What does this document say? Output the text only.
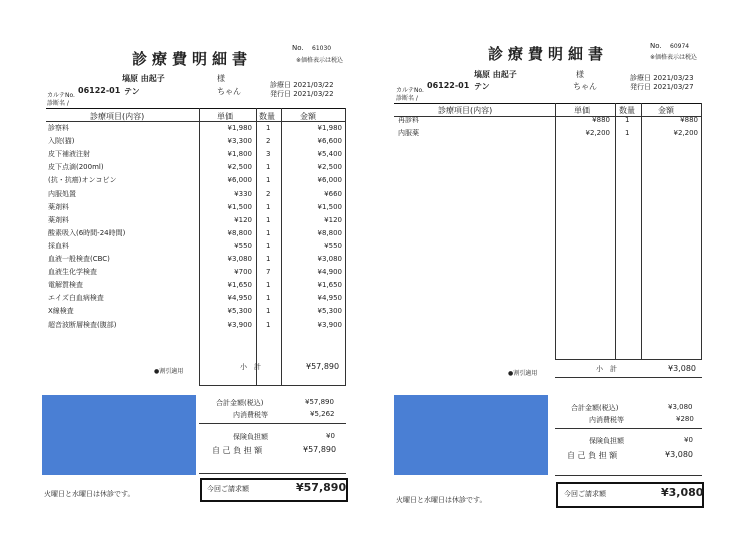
診療費明細書
No. 61030
※価格表示は税込
塙原 由起子	様
カルテNo.
06122-01 テン	ちゃん
診療日 2021/03/22
発行日 2021/03/22
診断名 /
診療項目(内容)	単価	数量	金額
診察料	¥1,980 1	¥1,980
入院(猫)	¥3,300 2	¥6,600
皮下補液注射	¥1,800 3	¥5,400
皮下点滴(200ml)	¥2,500 1	¥2,500
(抗・抗癌)オンコビン	¥6,000 1	¥6,000
内服処置	¥330 2	¥660
薬剤料	¥1,500 1	¥1,500
薬剤料	¥120 1	¥120
酸素吸入(6時間-24時間)	¥8,800 1	¥8,800
採血料	¥550 1	¥550
血液一般検査(CBC)	¥3,080 1	¥3,080
血液生化学検査	¥700 7	¥4,900
電解質検査	¥1,650 1	¥1,650
エイズ白血病検査	¥4,950 1	¥4,950
X線検査	¥5,300 1	¥5,300
超音波断層検査(腹部)	¥3,900 1	¥3,900
●割引適用
小　計	¥57,890
合計金額(税込)	¥57,890
内消費税等	¥5,262
保険負担額	¥0
自 己 負 担 額	¥57,890
今回ご請求額	¥57,890
火曜日と水曜日は休診です。
診療費明細書	No. 60974
※価格表示は税込
塙原 由起子	様
カルテNo.
06122-01 テン	ちゃん
診療日 2021/03/23
発行日 2021/03/27
診断名 /
診療項目(内容)	単価	数量	金額
再診料	¥880 1	¥880
内服薬	¥2,200 1	¥2,200
●割引適用
小　計	¥3,080
合計金額(税込)	¥3,080
内消費税等	¥280
保険負担額	¥0
自 己 負 担 額	¥3,080
今回ご請求額	¥3,080
火曜日と水曜日は休診です。
